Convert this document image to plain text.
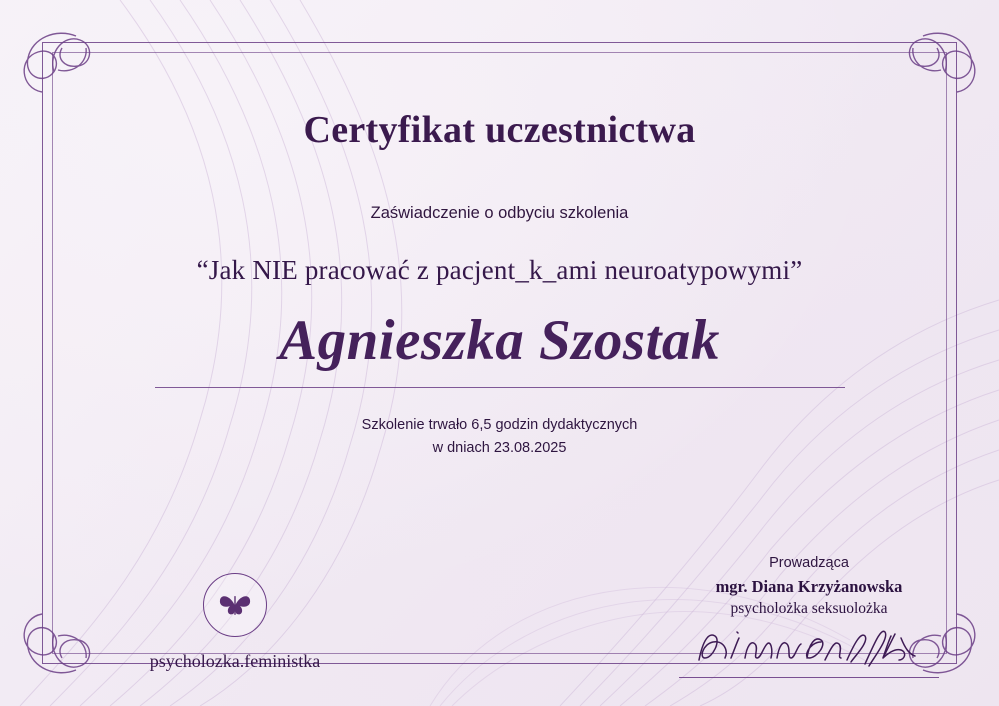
Certyfikat uczestnictwa
Zaświadczenie o odbyciu szkolenia
“Jak NIE pracować z pacjent_k_ami neuroatypowymi”
Agnieszka Szostak
Szkolenie trwało 6,5 godzin dydaktycznych
w dniach 23.08.2025
psycholozka.feministka
Prowadząca
mgr. Diana Krzyżanowska
psycholożka seksuolożka
